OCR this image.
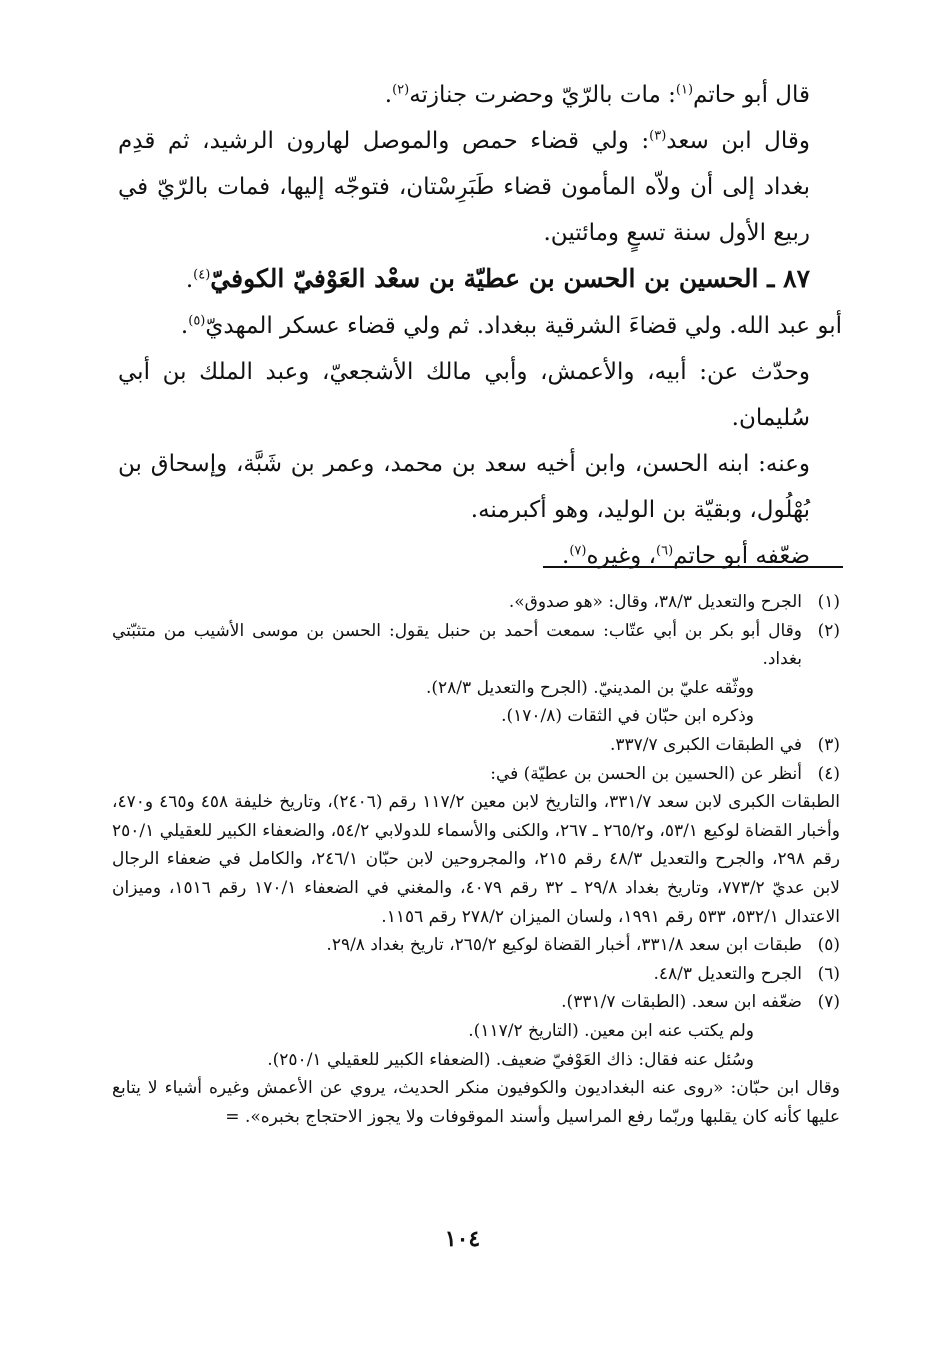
قال أبو حاتم$^{(١)}$: مات بالرّيّ وحضرت جنازته$^{(٢)}$.

وقال ابن سعد$^{(٣)}$: ولي قضاء حمص والموصل لهارون الرشيد، ثم قدِم بغداد إلى أن ولاّه المأمون قضاء طَبَرِسْتان، فتوجّه إليها، فمات بالرّيّ في ربيع الأول سنة تسعٍ ومائتين.

٨٧ ـ الحسين بن الحسن بن عطيّة بن سعْد العَوْفيّ الكوفيّ$^{(٤)}$.

أبو عبد الله. ولي قضاءَ الشرقية ببغداد. ثم ولي قضاء عسكر المهديّ$^{(٥)}$.

وحدّث عن: أبيه، والأعمش، وأبي مالك الأشجعيّ، وعبد الملك بن أبي سُليمان.

وعنه: ابنه الحسن، وابن أخيه سعد بن محمد، وعمر بن شَبَّة، وإسحاق بن بُهْلُول، وبقيّة بن الوليد، وهو أكبرمنه.

ضعّفه أبو حاتم$^{(٦)}$، وغيره$^{(٧)}$.

(١)
الجرح والتعديل ٣٨/٣، وقال: «هو صدوق».
(٢)
وقال أبو بكر بن أبي عتّاب: سمعت أحمد بن حنبل يقول: الحسن بن موسى الأشيب من متثبّتي بغداد.
ووثّقه عليّ بن المدينيّ. (الجرح والتعديل ٢٨/٣).
وذكره ابن حبّان في الثقات (١٧٠/٨).
(٣)
في الطبقات الكبرى ٣٣٧/٧.
(٤)
أنظر عن (الحسين بن الحسن بن عطيّة) في:
الطبقات الكبرى لابن سعد ٣٣١/٧، والتاريخ لابن معين ١١٧/٢ رقم (٢٤٠٦)، وتاريخ خليفة ٤٥٨ و٤٦٥ و٤٧٠، وأخبار القضاة لوكيع ٥٣/١، و٢٦٥/٢ ـ ٢٦٧، والكنى والأسماء للدولابي ٥٤/٢، والضعفاء الكبير للعقيلي ٢٥٠/١ رقم ٢٩٨، والجرح والتعديل ٤٨/٣ رقم ٢١٥، والمجروحين لابن حبّان ٢٤٦/١، والكامل في ضعفاء الرجال لابن عديّ ٧٧٣/٢، وتاريخ بغداد ٢٩/٨ ـ ٣٢ رقم ٤٠٧٩، والمغني في الضعفاء ١٧٠/١ رقم ١٥١٦، وميزان الاعتدال ٥٣٢/١، ٥٣٣ رقم ١٩٩١، ولسان الميزان ٢٧٨/٢ رقم ١١٥٦.
(٥)
طبقات ابن سعد ٣٣١/٨، أخبار القضاة لوكيع ٢٦٥/٢، تاريخ بغداد ٢٩/٨.
(٦)
الجرح والتعديل ٤٨/٣.
(٧)
ضعّفه ابن سعد. (الطبقات ٣٣١/٧).
ولم يكتب عنه ابن معين. (التاريخ ١١٧/٢).
وسُئل عنه فقال: ذاك العَوْفيّ ضعيف. (الضعفاء الكبير للعقيلي ٢٥٠/١).
وقال ابن حبّان: «روى عنه البغداديون والكوفيون منكر الحديث، يروي عن الأعمش وغيره أشياء لا يتابع عليها كأنه كان يقلبها وربّما رفع المراسيل وأسند الموقوفات ولا يجوز الاحتجاج بخبره». =
١٠٤
